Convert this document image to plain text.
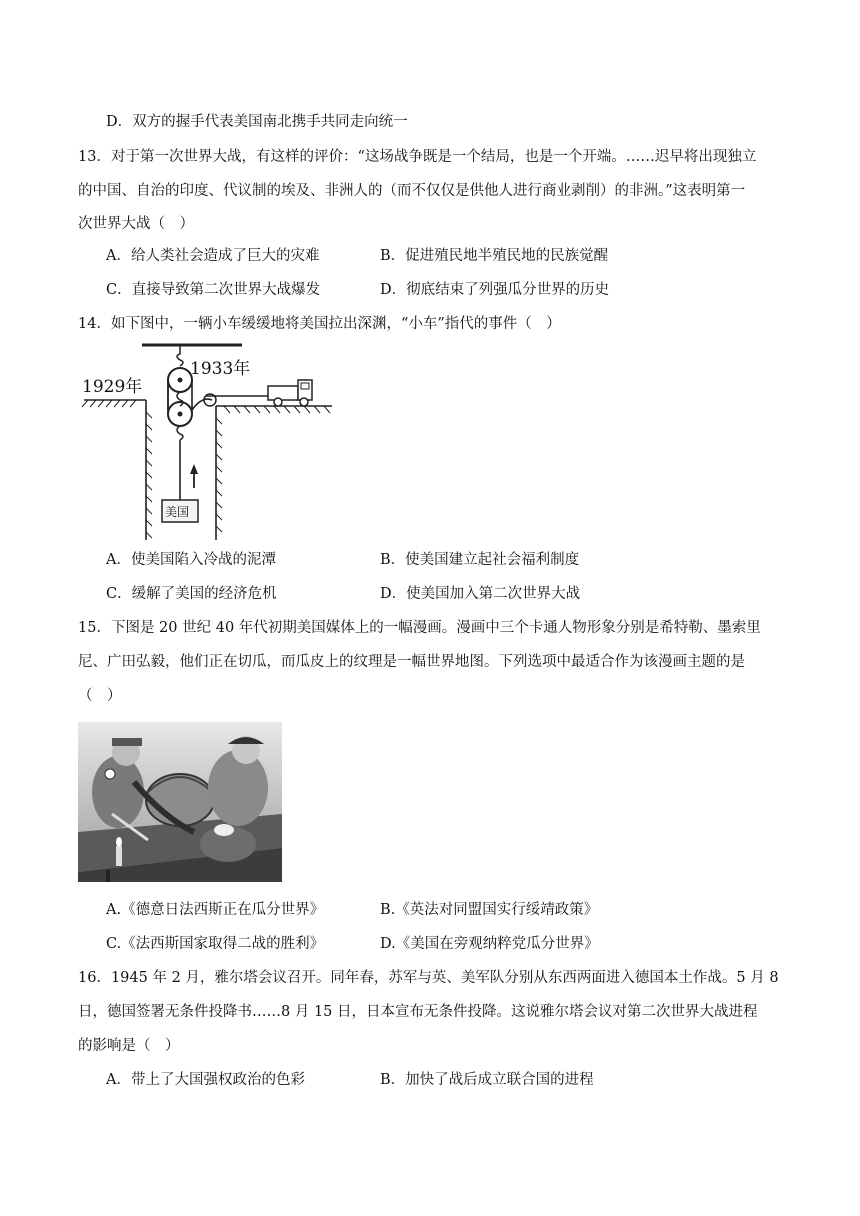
D．双方的握手代表美国南北携手共同走向统一
13．对于第一次世界大战，有这样的评价：“这场战争既是一个结局，也是一个开端。……迟早将出现独立
的中国、自治的印度、代议制的埃及、非洲人的（而不仅仅是供他人进行商业剥削）的非洲。”这表明第一
次世界大战（　）
A．给人类社会造成了巨大的灾难	B．促进殖民地半殖民地的民族觉醒
C．直接导致第二次世界大战爆发	D．彻底结束了列强瓜分世界的历史
14．如下图中，一辆小车缓缓地将美国拉出深渊，“小车”指代的事件（　）
1929年
1933年
美国
A．使美国陷入冷战的泥潭	B．使美国建立起社会福利制度
C．缓解了美国的经济危机	D．使美国加入第二次世界大战
15．下图是 20 世纪 40 年代初期美国媒体上的一幅漫画。漫画中三个卡通人物形象分别是希特勒、墨索里
尼、广田弘毅，他们正在切瓜，而瓜皮上的纹理是一幅世界地图。下列选项中最适合作为该漫画主题的是
（　）
A.《德意日法西斯正在瓜分世界》	B.《英法对同盟国实行绥靖政策》
C.《法西斯国家取得二战的胜利》	D.《美国在旁观纳粹党瓜分世界》
16．1945 年 2 月，雅尔塔会议召开。同年春，苏军与英、美军队分别从东西两面进入德国本土作战。5 月 8
日，德国签署无条件投降书……8 月 15 日，日本宣布无条件投降。这说雅尔塔会议对第二次世界大战进程
的影响是（　）
A．带上了大国强权政治的色彩	B．加快了战后成立联合国的进程
